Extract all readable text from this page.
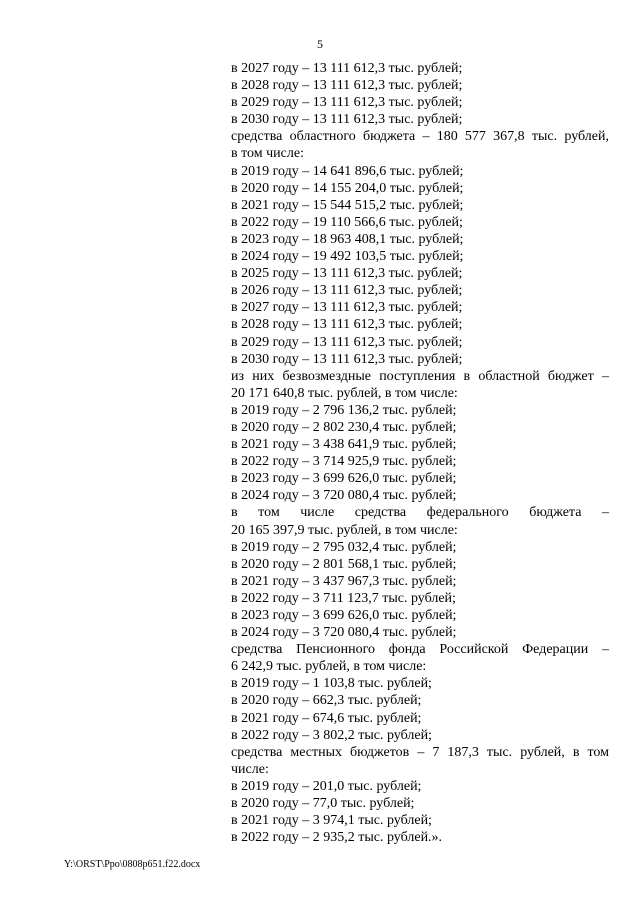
5
в 2027 году – 13 111 612,3 тыс. рублей;
в 2028 году – 13 111 612,3 тыс. рублей;
в 2029 году – 13 111 612,3 тыс. рублей;
в 2030 году – 13 111 612,3 тыс. рублей;
средства областного бюджета – 180 577 367,8 тыс. рублей,
в том числе:
в 2019 году – 14 641 896,6 тыс. рублей;
в 2020 году – 14 155 204,0 тыс. рублей;
в 2021 году – 15 544 515,2 тыс. рублей;
в 2022 году – 19 110 566,6 тыс. рублей;
в 2023 году – 18 963 408,1 тыс. рублей;
в 2024 году – 19 492 103,5 тыс. рублей;
в 2025 году – 13 111 612,3 тыс. рублей;
в 2026 году – 13 111 612,3 тыс. рублей;
в 2027 году – 13 111 612,3 тыс. рублей;
в 2028 году – 13 111 612,3 тыс. рублей;
в 2029 году – 13 111 612,3 тыс. рублей;
в 2030 году – 13 111 612,3 тыс. рублей;
из них безвозмездные поступления в областной бюджет –
20 171 640,8 тыс. рублей, в том числе:
в 2019 году – 2 796 136,2 тыс. рублей;
в 2020 году – 2 802 230,4 тыс. рублей;
в 2021 году – 3 438 641,9 тыс. рублей;
в 2022 году – 3 714 925,9 тыс. рублей;
в 2023 году – 3 699 626,0 тыс. рублей;
в 2024 году – 3 720 080,4 тыс. рублей;
в том числе средства федерального бюджета –
20 165 397,9 тыс. рублей, в том числе:
в 2019 году – 2 795 032,4 тыс. рублей;
в 2020 году – 2 801 568,1 тыс. рублей;
в 2021 году – 3 437 967,3 тыс. рублей;
в 2022 году – 3 711 123,7 тыс. рублей;
в 2023 году – 3 699 626,0 тыс. рублей;
в 2024 году – 3 720 080,4 тыс. рублей;
средства Пенсионного фонда Российской Федерации –
6 242,9 тыс. рублей, в том числе:
в 2019 году – 1 103,8 тыс. рублей;
в 2020 году – 662,3 тыс. рублей;
в 2021 году – 674,6 тыс. рублей;
в 2022 году – 3 802,2 тыс. рублей;
средства местных бюджетов – 7 187,3 тыс. рублей, в том
числе:
в 2019 году – 201,0 тыс. рублей;
в 2020 году – 77,0 тыс. рублей;
в 2021 году – 3 974,1 тыс. рублей;
в 2022 году – 2 935,2 тыс. рублей.».
Y:\ORST\Ppo\0808p651.f22.docx
